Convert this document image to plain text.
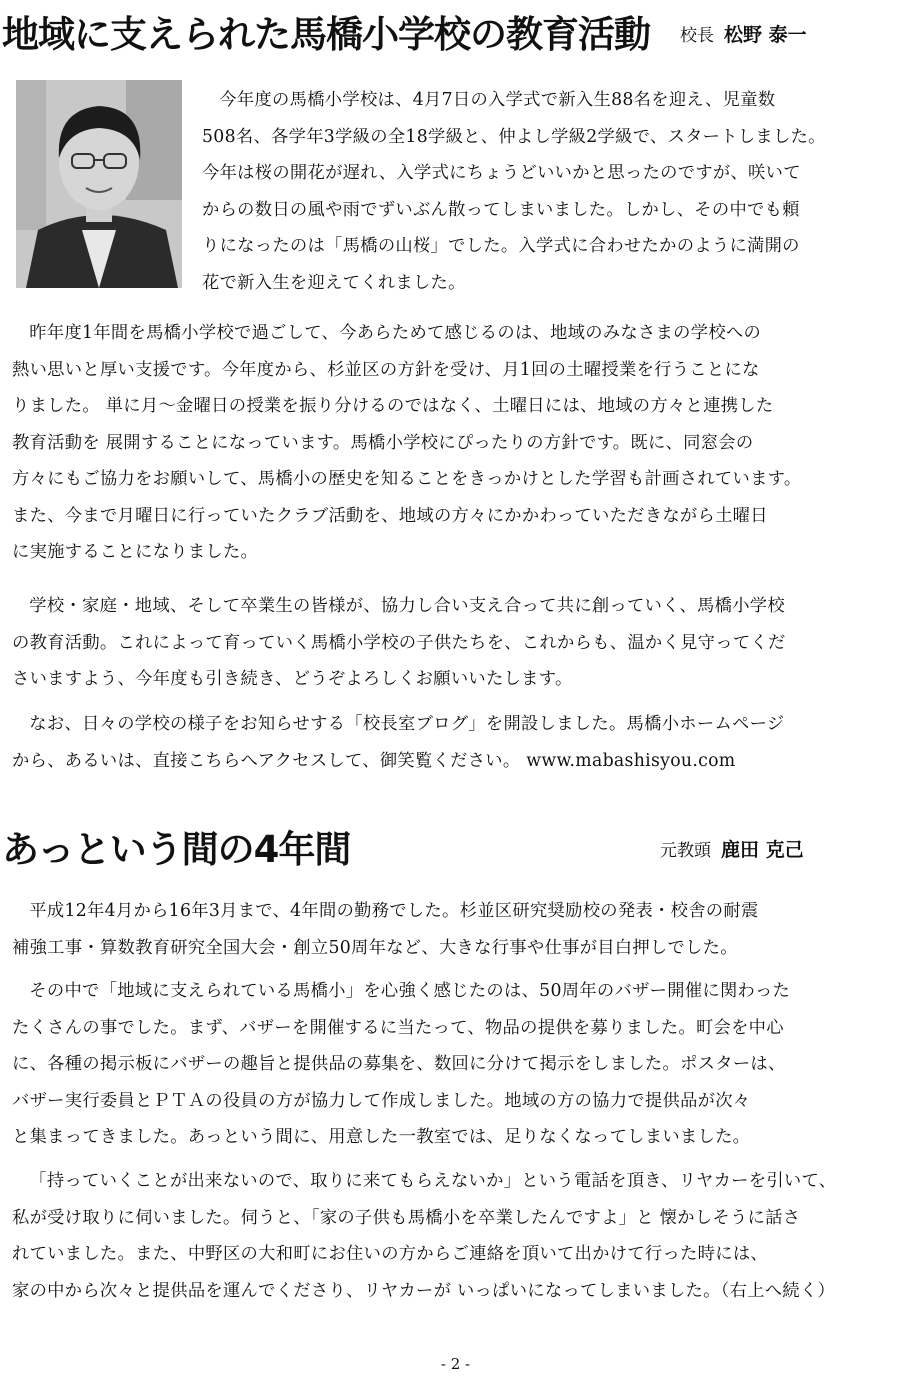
地域に支えられた馬橋小学校の教育活動 校長 松野 泰一

今年度の馬橋小学校は、4月7日の入学式で新入生88名を迎え、児童数
508名、各学年3学級の全18学級と、仲よし学級2学級で、スタートしました。
今年は桜の開花が遅れ、入学式にちょうどいいかと思ったのですが、咲いて
からの数日の風や雨でずいぶん散ってしまいました。しかし、その中でも頼
りになったのは「馬橋の山桜」でした。入学式に合わせたかのように満開の
花で新入生を迎えてくれました。

昨年度1年間を馬橋小学校で過ごして、今あらためて感じるのは、地域のみなさまの学校への
熱い思いと厚い支援です。今年度から、杉並区の方針を受け、月1回の土曜授業を行うことにな
りました。 単に月～金曜日の授業を振り分けるのではなく、土曜日には、地域の方々と連携した
教育活動を 展開することになっています。馬橋小学校にぴったりの方針です。既に、同窓会の
方々にもご協力をお願いして、馬橋小の歴史を知ることをきっかけとした学習も計画されています。
また、今まで月曜日に行っていたクラブ活動を、地域の方々にかかわっていただきながら土曜日
に実施することになりました。

学校・家庭・地域、そして卒業生の皆様が、協力し合い支え合って共に創っていく、馬橋小学校
の教育活動。これによって育っていく馬橋小学校の子供たちを、これからも、温かく見守ってくだ
さいますよう、今年度も引き続き、どうぞよろしくお願いいたします。

なお、日々の学校の様子をお知らせする「校長室ブログ」を開設しました。馬橋小ホームページ
から、あるいは、直接こちらへアクセスして、御笑覧ください。 www.mabashisyou.com

あっという間の4年間	元教頭 鹿田 克己

平成12年4月から16年3月まで、4年間の勤務でした。杉並区研究奨励校の発表・校舎の耐震
補強工事・算数教育研究全国大会・創立50周年など、大きな行事や仕事が目白押しでした。

その中で「地域に支えられている馬橋小」を心強く感じたのは、50周年のバザー開催に関わった
たくさんの事でした。まず、バザーを開催するに当たって、物品の提供を募りました。町会を中心
に、各種の掲示板にバザーの趣旨と提供品の募集を、数回に分けて掲示をしました。ポスターは、
バザー実行委員とＰＴＡの役員の方が協力して作成しました。地域の方の協力で提供品が次々
と集まってきました。あっという間に、用意した一教室では、足りなくなってしまいました。

「持っていくことが出来ないので、取りに来てもらえないか」という電話を頂き、リヤカーを引いて、
私が受け取りに伺いました。伺うと、「家の子供も馬橋小を卒業したんですよ」と 懐かしそうに話さ
れていました。また、中野区の大和町にお住いの方からご連絡を頂いて出かけて行った時には、
家の中から次々と提供品を運んでくださり、リヤカーが いっぱいになってしまいました。（右上へ続く）

- 2 -
